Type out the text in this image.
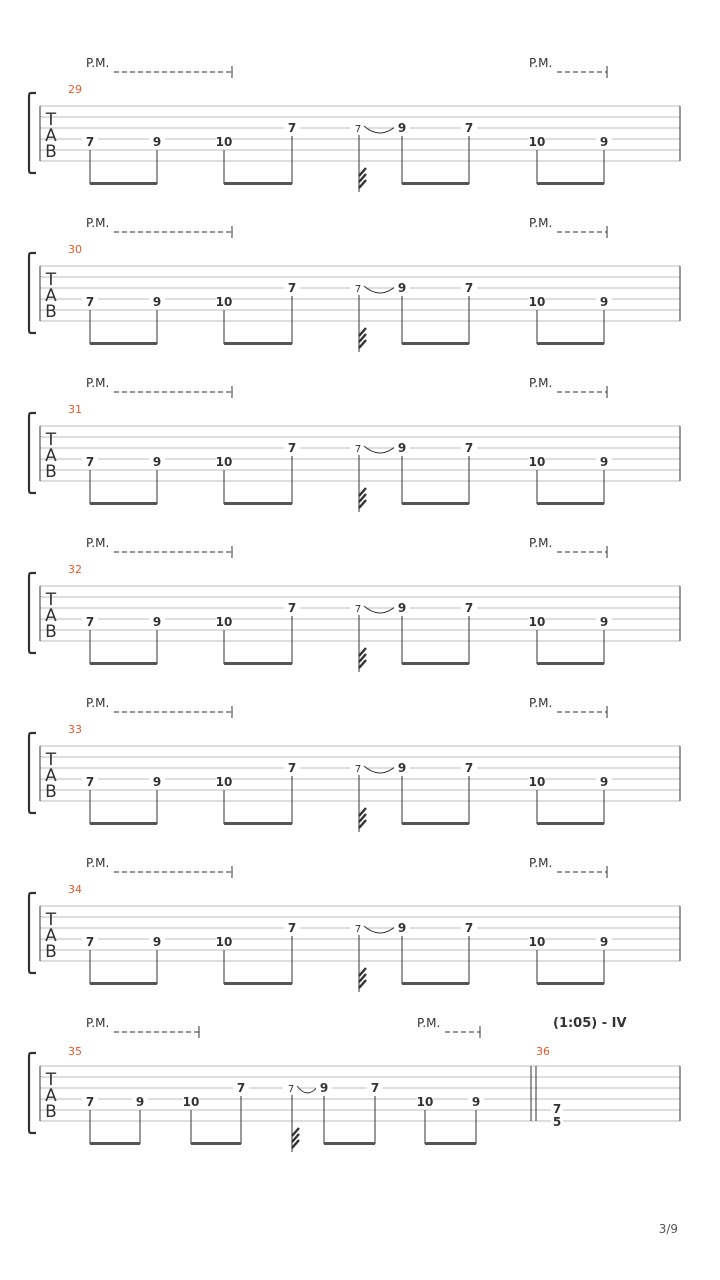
P.M.	P.M.
29
T
A
B 7	9	10
7	7	9	7
10	9
P.M.	P.M.
30
T
A
B 7	9	10
7	7	9	7
10	9
P.M.	P.M.
31
T
A
B 7	9	10
7	7	9	7
10	9
P.M.	P.M.
32
T
A
B 7	9	10
7	7	9	7
10	9
P.M.	P.M.
33
T
A
B 7	9	10
7	7	9	7
10	9
P.M.	P.M.
34
T
A
B 7	9	10
7	7	9	7
10	9
P.M.	P.M.	(1:05) - IV
35	36
T
A
B 7	9	10
7	7 9	7
10	9	7
5
3/9
